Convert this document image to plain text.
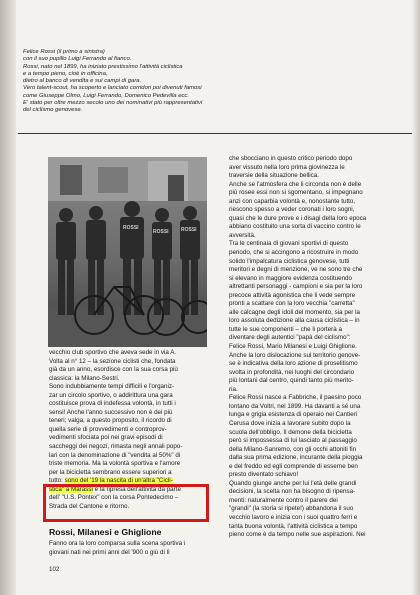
Felice Rossi (il primo a sinistra)
con il suo pupillo Luigi Ferrando al fianco.
Rossi, nato nel 1899, ha iniziato prestissimo l'attività ciclistica
e a tempo pieno, cioè in officina,
dietro al banco di vendita e sui campi di gara.
Vero talent-scout, ha scoperto e lanciato corridori poi divenuti famosi
come Giuseppe Olmo, Luigi Ferrando, Domenico Pedevilla ecc.
E' stato per oltre mezzo secolo uno dei nominativi più rappresentativi
del ciclismo genovese.
ROSSI
ROSSI ROSSI
vecchio club sportivo che aveva sede in via A.
Volta al n° 12 – la sezione ciclisti che, fondata
già da un anno, esordisce con la sua corsa più
classica: la Milano-Sestri.
Sono indubbiamente tempi difficili e l'organiz-
zar un circolo sportivo, o addirittura una gara
costituisce prova di indefessa volontà, in tutti i
sensi! Anche l'anno successivo non è dei più
teneri; valga, a questo proposito, il ricordo di
quella serie di provvedimenti e controprov-
vedimenti sfociata poi nei gravi episodi di
saccheggi dei negozi, rimasta negli annali popo-
lari con la denominazione di "vendita al 50%" di
triste memoria. Ma la volontà sportiva e l'amore
per la bicicletta sembrano essere superiori a
tutto: sono del '19 la nascita di un'altra "Cicli-
stica" a Marassi e la ripresa dell'attività da parte
dell' "U.S. Pontex" con la corsa Pontedecimo –
Strada del Cantone e ritorno.
Rossi, Milanesi e Ghiglione
Fanno ora la loro comparsa sulla scena sportiva i
giovani nati nei primi anni del '900 o giù di lì
102
che sbocciano in questo critico periodo dopo
aver vissuto nella loro prima giovinezza le
traversie della situazione bellica.
Anche se l'atmosfera che li circonda non è delle
più rosee essi non si sgomentano, si impegnano
anzi con caparbia volontà e, nonostante tutto,
riescono spesso a veder coronati i loro sogni,
quasi che le dure prove e i disagi della loro epoca
abbiano costituito una sorta di vaccino contro le
avversità.
Tra le centinaia di giovani sportivi di questo
periodo, che si accingono a ricostruire in modo
solido l'impalcatura ciclistica genovese, tutti
meritori e degni di menzione, ve ne sono tre che
si elevano in maggiore evidenza costituendo
altrettanti personaggi - campioni e sia per la loro
precoce attività agonistica che li vede sempre
pronti a scattare con la loro vecchia "carretta"
alle calcagne degli idoli del momento, sia per la
loro assoluta dedizione alla causa ciclistica – in
tutte le sue componenti – che li porterà a
diventare degli autentici "papà del ciclismo":
Felice Rossi, Mario Milanesi e Luigi Ghiglione.
Anche la loro dislocazione sul territorio genove-
se è indicativa della loro azione di proselitismo
svolta in profondità, nei luoghi del circondario
più lontani dal centro, quindi tanto più merito-
ria.
Felice Rossi nasce a Fabbriche, il paesino poco
lontano da Voltri, nel 1899. Ha davanti a sé una
lunga e grigia esistenza di operaio nei Cantieri
Cerusa dove inizia a lavorare subito dopo la
scuola dell'obbligo. Il demone della bicicletta
però si impossessa di lui lasciato al passaggio
della Milano-Sanremo, con gli occhi attoniti fin
dalla sua prima edizione, incurante della pioggia
e del freddo ed egli comprende di esserne ben
presto diventato schiavo!
Quando giunge anche per lui l'età delle grandi
decisioni, la scelta non ha bisogno di ripensa-
menti: naturalmente contro il parere dei
"grandi" (la storia si ripete!) abbandona il suo
vecchio lavoro e inizia con i suoi quattro ferri e
tanta buona volontà, l'attività ciclistica a tempo
pieno come è da tempo nelle sue aspirazioni. Nei
